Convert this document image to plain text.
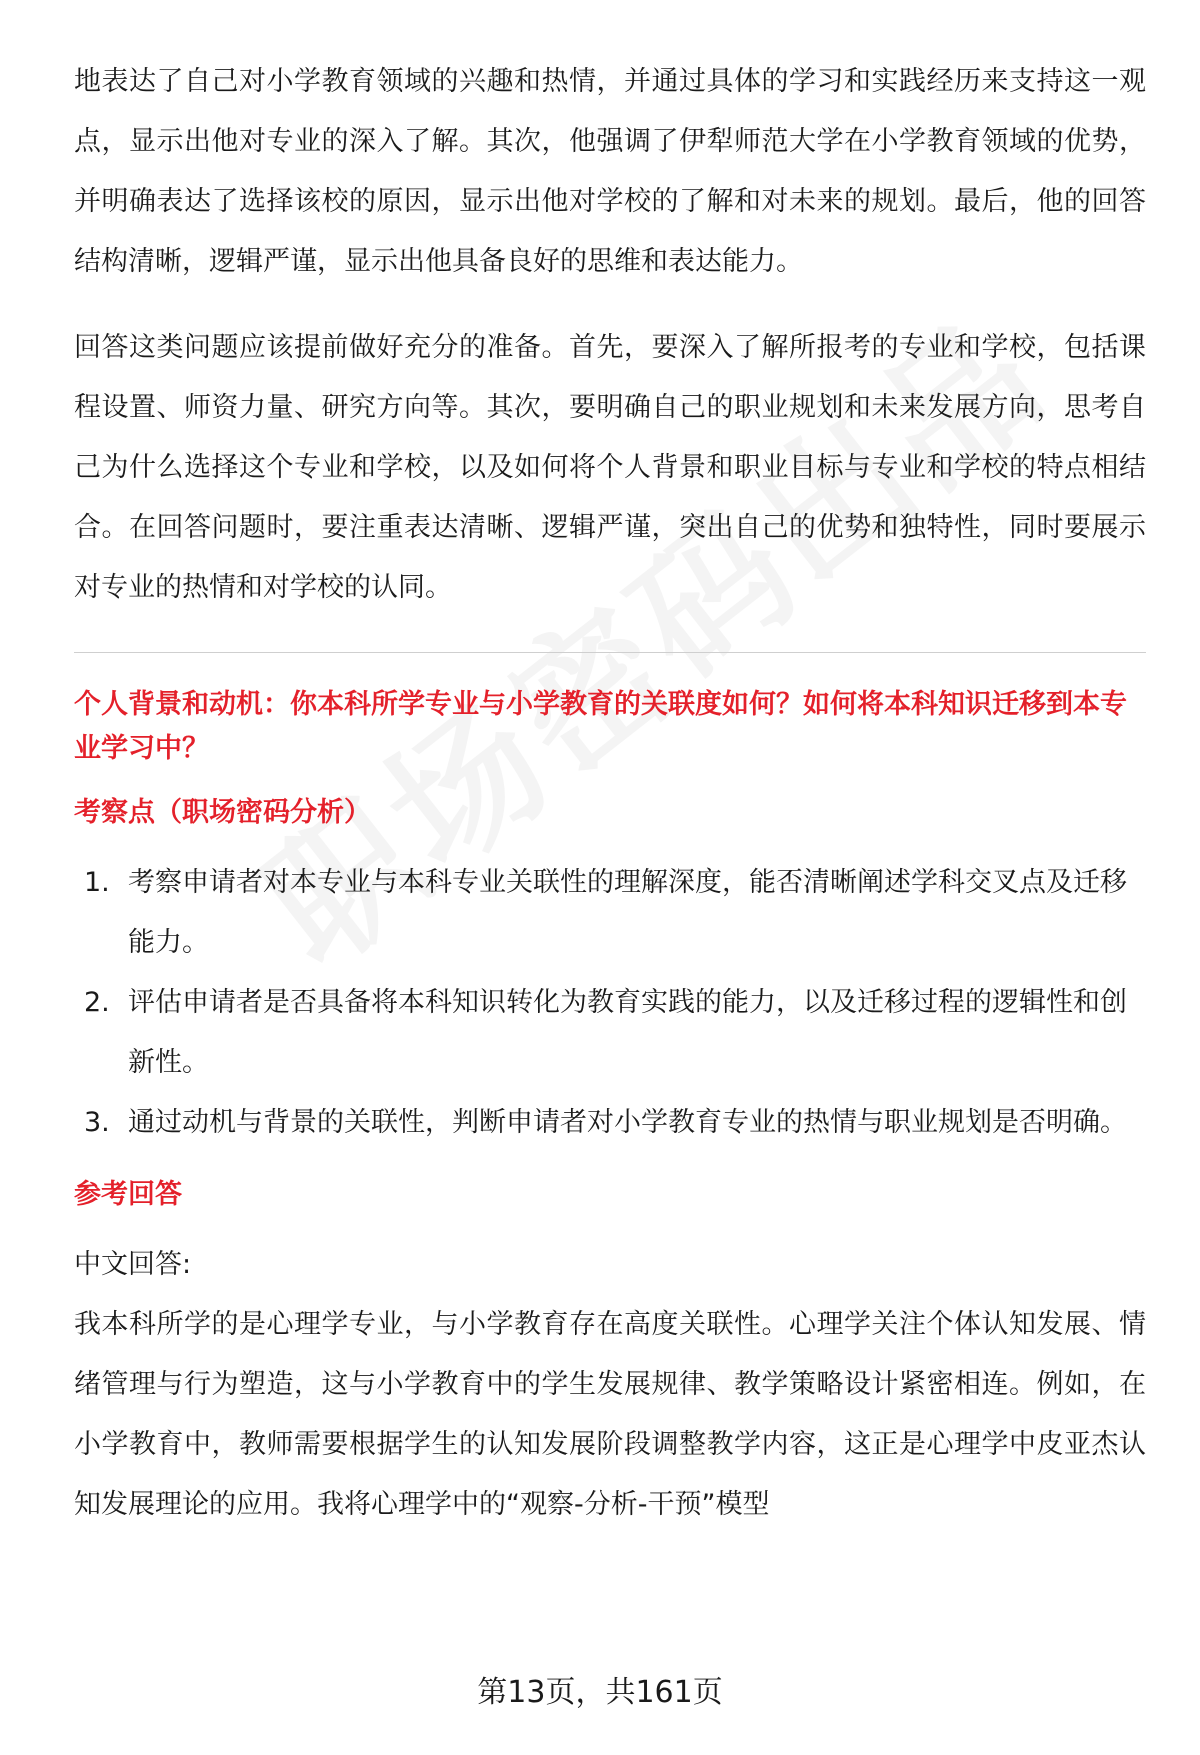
地表达了自己对小学教育领域的兴趣和热情，并通过具体的学习和实践经历来支持这一观点，显示出他对专业的深入了解。其次，他强调了伊犁师范大学在小学教育领域的优势，并明确表达了选择该校的原因，显示出他对学校的了解和对未来的规划。最后，他的回答结构清晰，逻辑严谨，显示出他具备良好的思维和表达能力。

回答这类问题应该提前做好充分的准备。首先，要深入了解所报考的专业和学校，包括课程设置、师资力量、研究方向等。其次，要明确自己的职业规划和未来发展方向，思考自己为什么选择这个专业和学校，以及如何将个人背景和职业目标与专业和学校的特点相结合。在回答问题时，要注重表达清晰、逻辑严谨，突出自己的优势和独特性，同时要展示对专业的热情和对学校的认同。

个人背景和动机：你本科所学专业与小学教育的关联度如何？如何将本科知识迁移到本专业学习中？

考察点（职场密码分析）
1. 考察申请者对本专业与本科专业关联性的理解深度，能否清晰阐述学科交叉点及迁移能力。
2. 评估申请者是否具备将本科知识转化为教育实践的能力，以及迁移过程的逻辑性和创新性。
3. 通过动机与背景的关联性，判断申请者对小学教育专业的热情与职业规划是否明确。
参考回答
中文回答:

我本科所学的是心理学专业，与小学教育存在高度关联性。心理学关注个体认知发展、情绪管理与行为塑造，这与小学教育中的学生发展规律、教学策略设计紧密相连。例如，在小学教育中，教师需要根据学生的认知发展阶段调整教学内容，这正是心理学中皮亚杰认知发展理论的应用。我将心理学中的“观察-分析-干预”模型

第13页，共161页
